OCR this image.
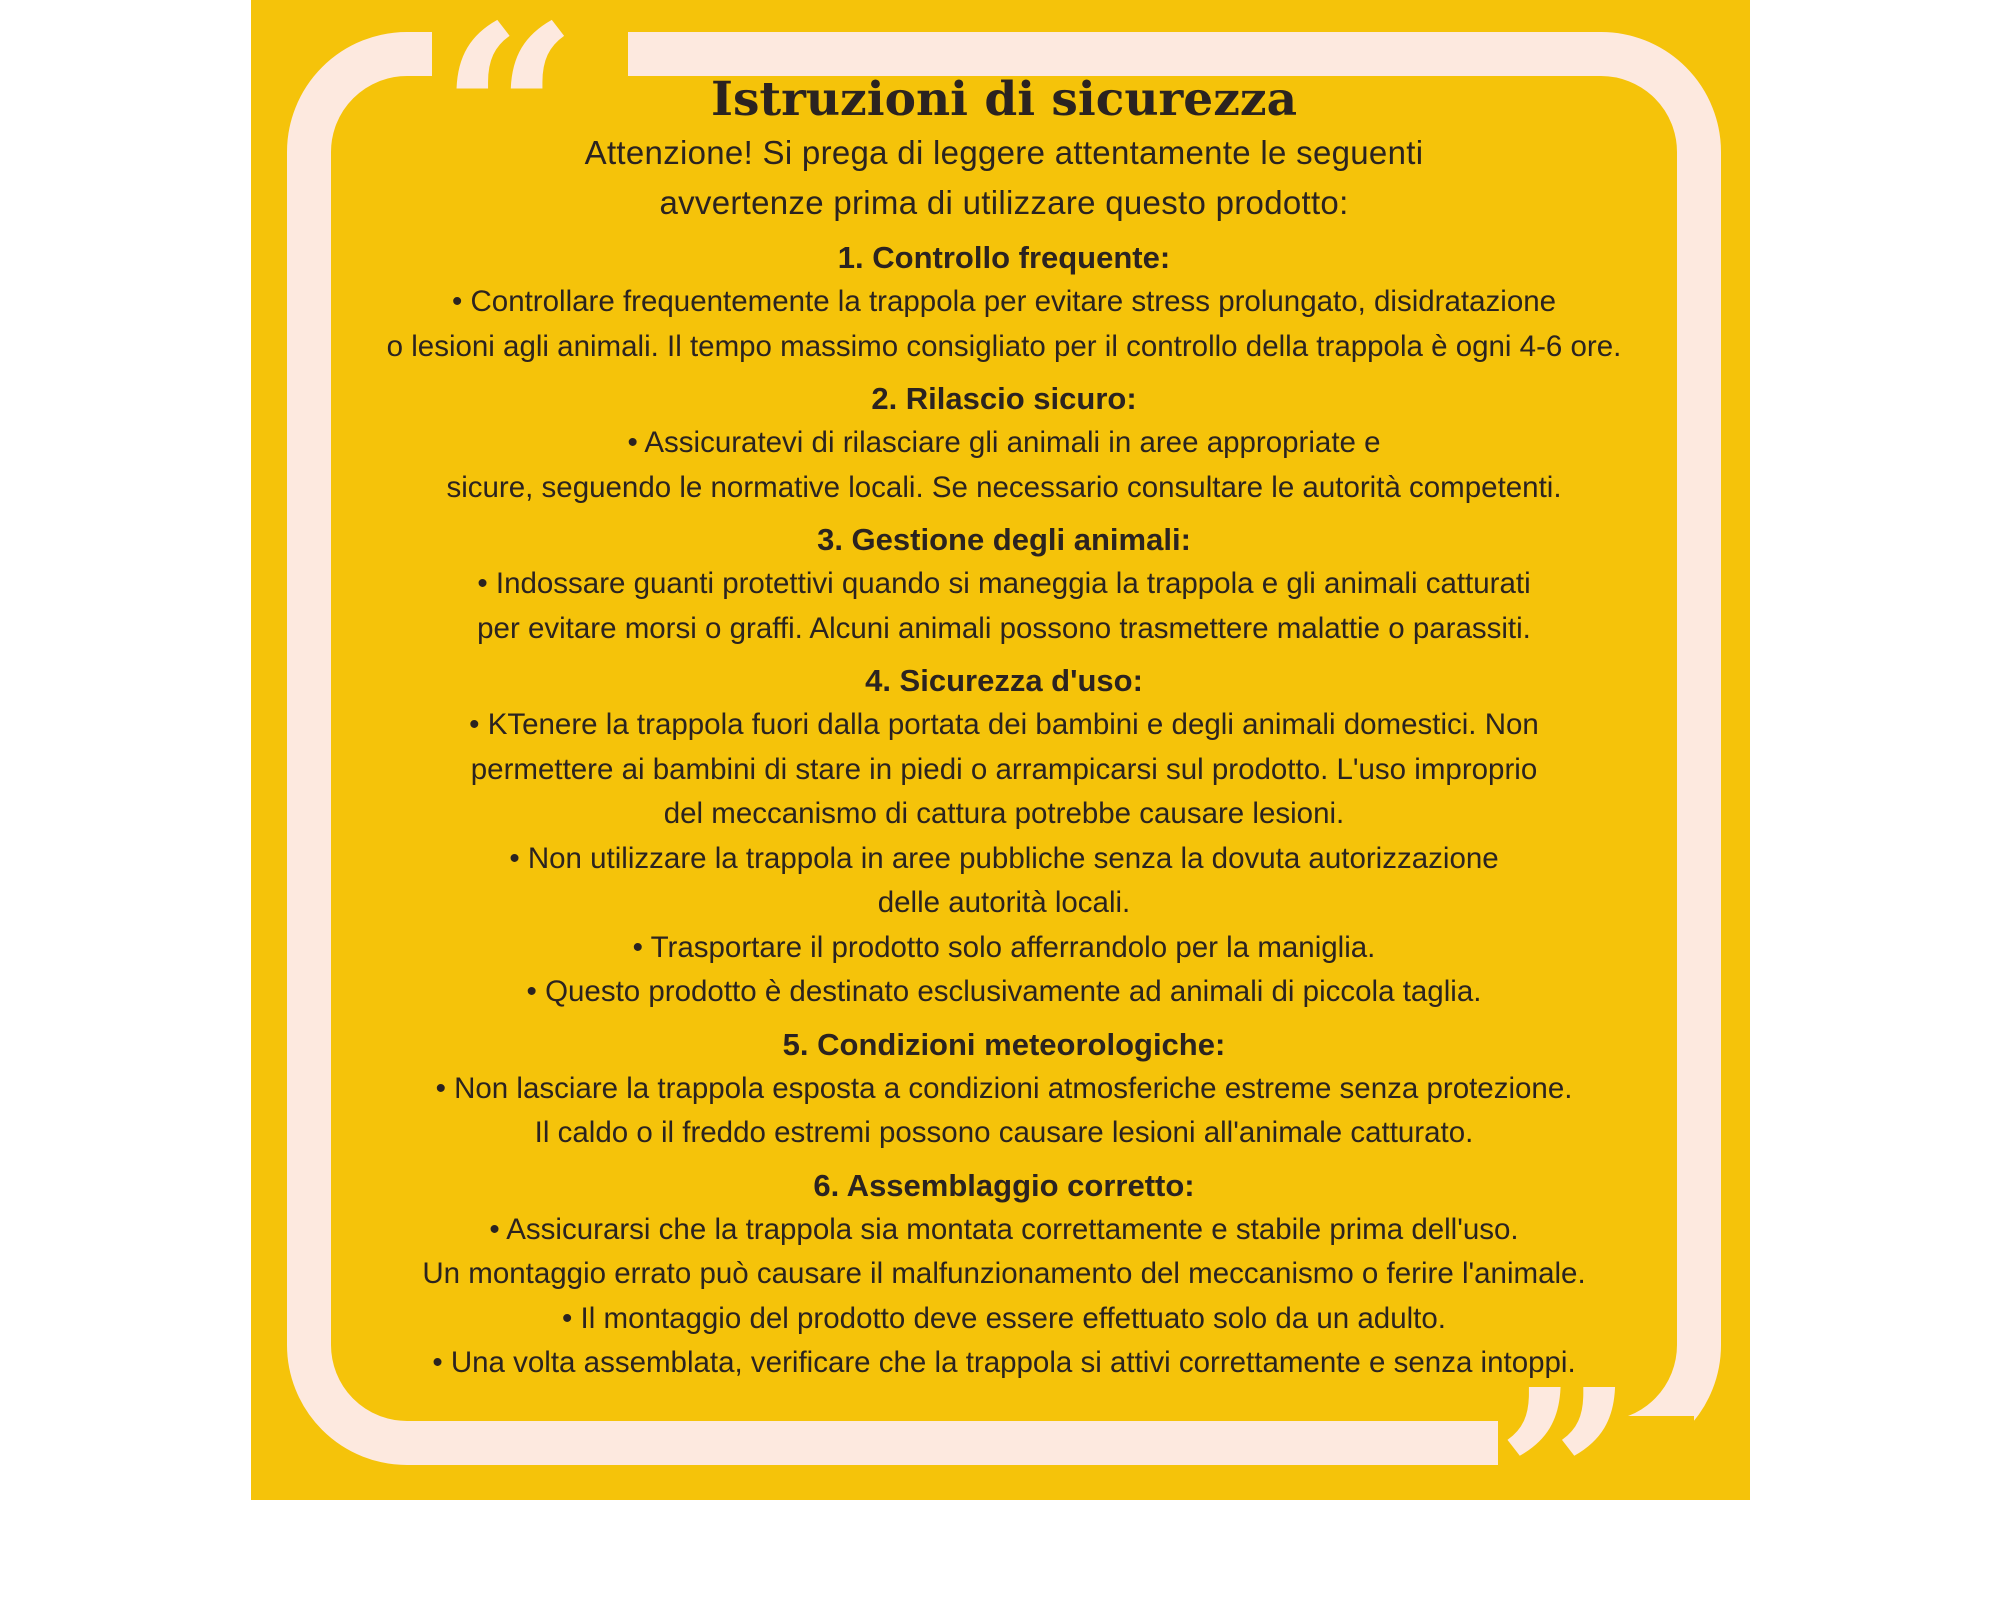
“
”
Istruzioni di sicurezza

Attenzione! Si prega di leggere attentamente le seguenti avvertenze prima di utilizzare questo prodotto:

1. Controllo frequente:
• Controllare frequentemente la trappola per evitare stress prolungato, disidratazione
o lesioni agli animali. Il tempo massimo consigliato per il controllo della trappola è ogni 4-6 ore.
2. Rilascio sicuro:
• Assicuratevi di rilasciare gli animali in aree appropriate e
sicure, seguendo le normative locali. Se necessario consultare le autorità competenti.
3. Gestione degli animali:
• Indossare guanti protettivi quando si maneggia la trappola e gli animali catturati
per evitare morsi o graffi. Alcuni animali possono trasmettere malattie o parassiti.
4. Sicurezza d'uso:
• KTenere la trappola fuori dalla portata dei bambini e degli animali domestici. Non
permettere ai bambini di stare in piedi o arrampicarsi sul prodotto. L'uso improprio
del meccanismo di cattura potrebbe causare lesioni.
• Non utilizzare la trappola in aree pubbliche senza la dovuta autorizzazione
delle autorità locali.
• Trasportare il prodotto solo afferrandolo per la maniglia.
• Questo prodotto è destinato esclusivamente ad animali di piccola taglia.
5. Condizioni meteorologiche:
• Non lasciare la trappola esposta a condizioni atmosferiche estreme senza protezione.
Il caldo o il freddo estremi possono causare lesioni all'animale catturato.
6. Assemblaggio corretto:
• Assicurarsi che la trappola sia montata correttamente e stabile prima dell'uso.
Un montaggio errato può causare il malfunzionamento del meccanismo o ferire l'animale.
• Il montaggio del prodotto deve essere effettuato solo da un adulto.
• Una volta assemblata, verificare che la trappola si attivi correttamente e senza intoppi.
